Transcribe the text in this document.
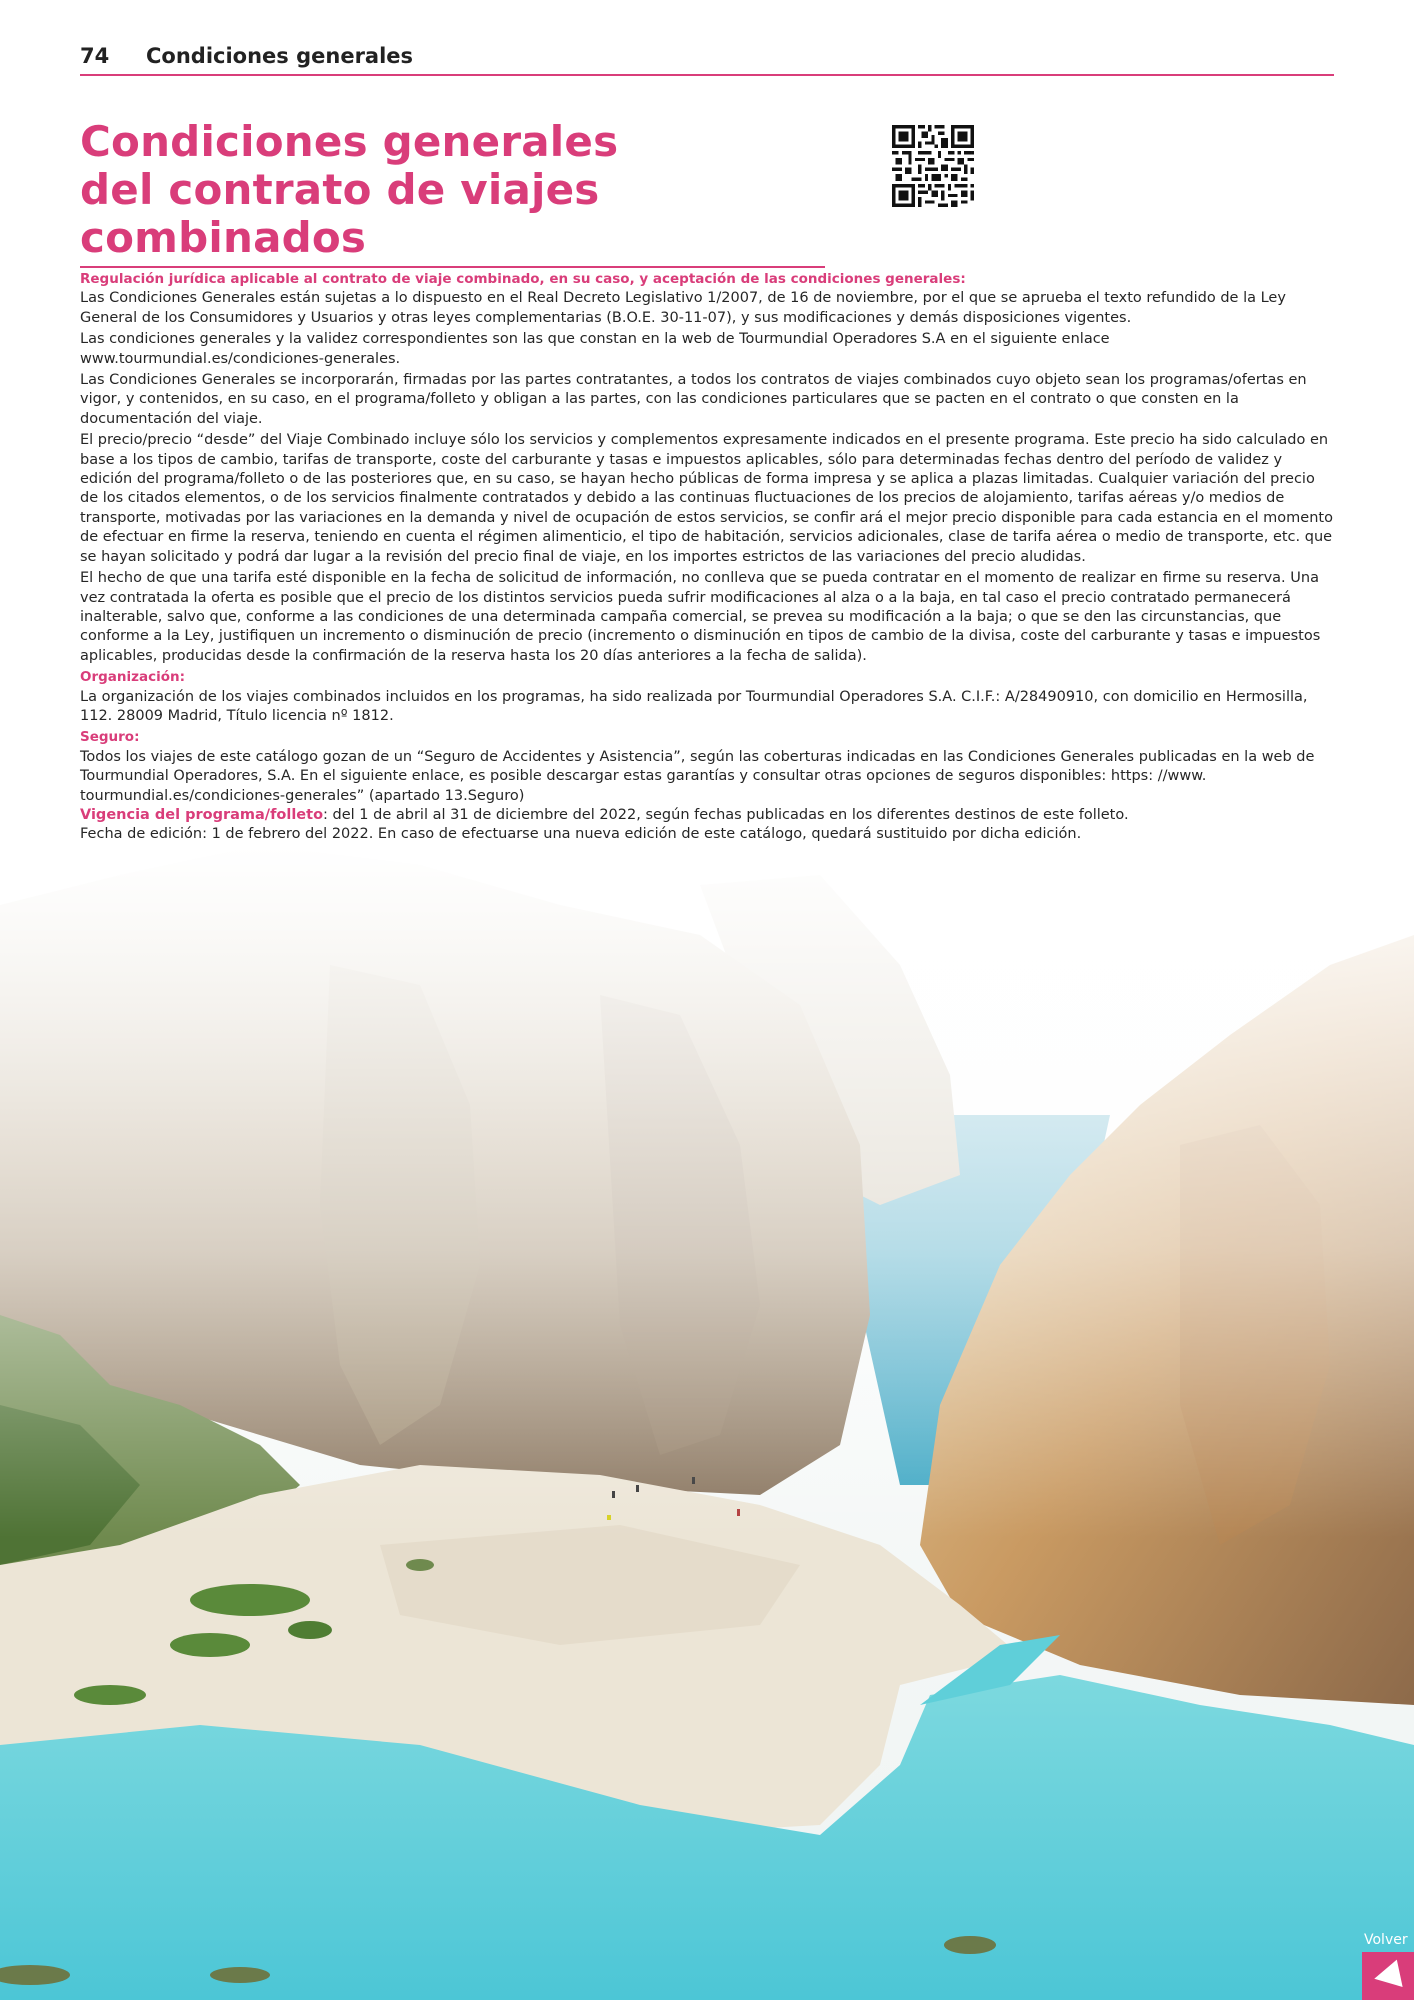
74 Condiciones generales
Condiciones generales
del contrato de viajes combinados

Regulación jurídica aplicable al contrato de viaje combinado, en su caso, y aceptación de las condiciones generales:

Las Condiciones Generales están sujetas a lo dispuesto en el Real Decreto Legislativo 1/2007, de 16 de noviembre, por el que se aprueba el texto refundido de la Ley General de los Consumidores y Usuarios y otras leyes complementarias (B.O.E. 30-11-07), y sus modificaciones y demás disposiciones vigentes.

Las condiciones generales y la validez correspondientes son las que constan en la web de Tourmundial Operadores S.A en el siguiente enlace www.tourmundial.es/condiciones-generales.

Las Condiciones Generales se incorporarán, firmadas por las partes contratantes, a todos los contratos de viajes combinados cuyo objeto sean los programas/ofertas en vigor, y contenidos, en su caso, en el programa/folleto y obligan a las partes, con las condiciones particulares que se pacten en el contrato o que consten en la documentación del viaje.

El precio/precio “desde” del Viaje Combinado incluye sólo los servicios y complementos expresamente indicados en el presente programa. Este precio ha sido calculado en base a los tipos de cambio, tarifas de transporte, coste del carburante y tasas e impuestos aplicables, sólo para determinadas fechas dentro del período de validez y edición del programa/folleto o de las posteriores que, en su caso, se hayan hecho públicas de forma impresa y se aplica a plazas limitadas. Cualquier variación del precio de los citados elementos, o de los servicios finalmente contratados y debido a las continuas fluctuaciones de los precios de alojamiento, tarifas aéreas y/o medios de transporte, motivadas por las variaciones en la demanda y nivel de ocupación de estos servicios, se confir ará el mejor precio disponible para cada estancia en el momento de efectuar en firme la reserva, teniendo en cuenta el régimen alimenticio, el tipo de habitación, servicios adicionales, clase de tarifa aérea o medio de transporte, etc. que se hayan solicitado y podrá dar lugar a la revisión del precio final de viaje, en los importes estrictos de las variaciones del precio aludidas.

El hecho de que una tarifa esté disponible en la fecha de solicitud de información, no conlleva que se pueda contratar en el momento de realizar en firme su reserva. Una vez contratada la oferta es posible que el precio de los distintos servicios pueda sufrir modificaciones al alza o a la baja, en tal caso el precio contratado permanecerá inalterable, salvo que, conforme a las condiciones de una determinada campaña comercial, se prevea su modificación a la baja; o que se den las circunstancias, que conforme a la Ley, justifiquen un incremento o disminución de precio (incremento o disminución en tipos de cambio de la divisa, coste del carburante y tasas e impuestos aplicables, producidas desde la confirmación de la reserva hasta los 20 días anteriores a la fecha de salida).

Organización:

La organización de los viajes combinados incluidos en los programas, ha sido realizada por Tourmundial Operadores S.A. C.I.F.: A/28490910, con domicilio en Hermosilla, 112. 28009 Madrid, Título licencia nº 1812.

Seguro:

Todos los viajes de este catálogo gozan de un “Seguro de Accidentes y Asistencia”, según las coberturas indicadas en las Condiciones Generales publicadas en la web de Tourmundial Operadores, S.A. En el siguiente enlace, es posible descargar estas garantías y consultar otras opciones de seguros disponibles: https: //www. tourmundial.es/condiciones-generales” (apartado 13.Seguro)

Vigencia del programa/folleto: del 1 de abril al 31 de diciembre del 2022, según fechas publicadas en los diferentes destinos de este folleto.

Fecha de edición: 1 de febrero del 2022. En caso de efectuarse una nueva edición de este catálogo, quedará sustituido por dicha edición.

Volver
